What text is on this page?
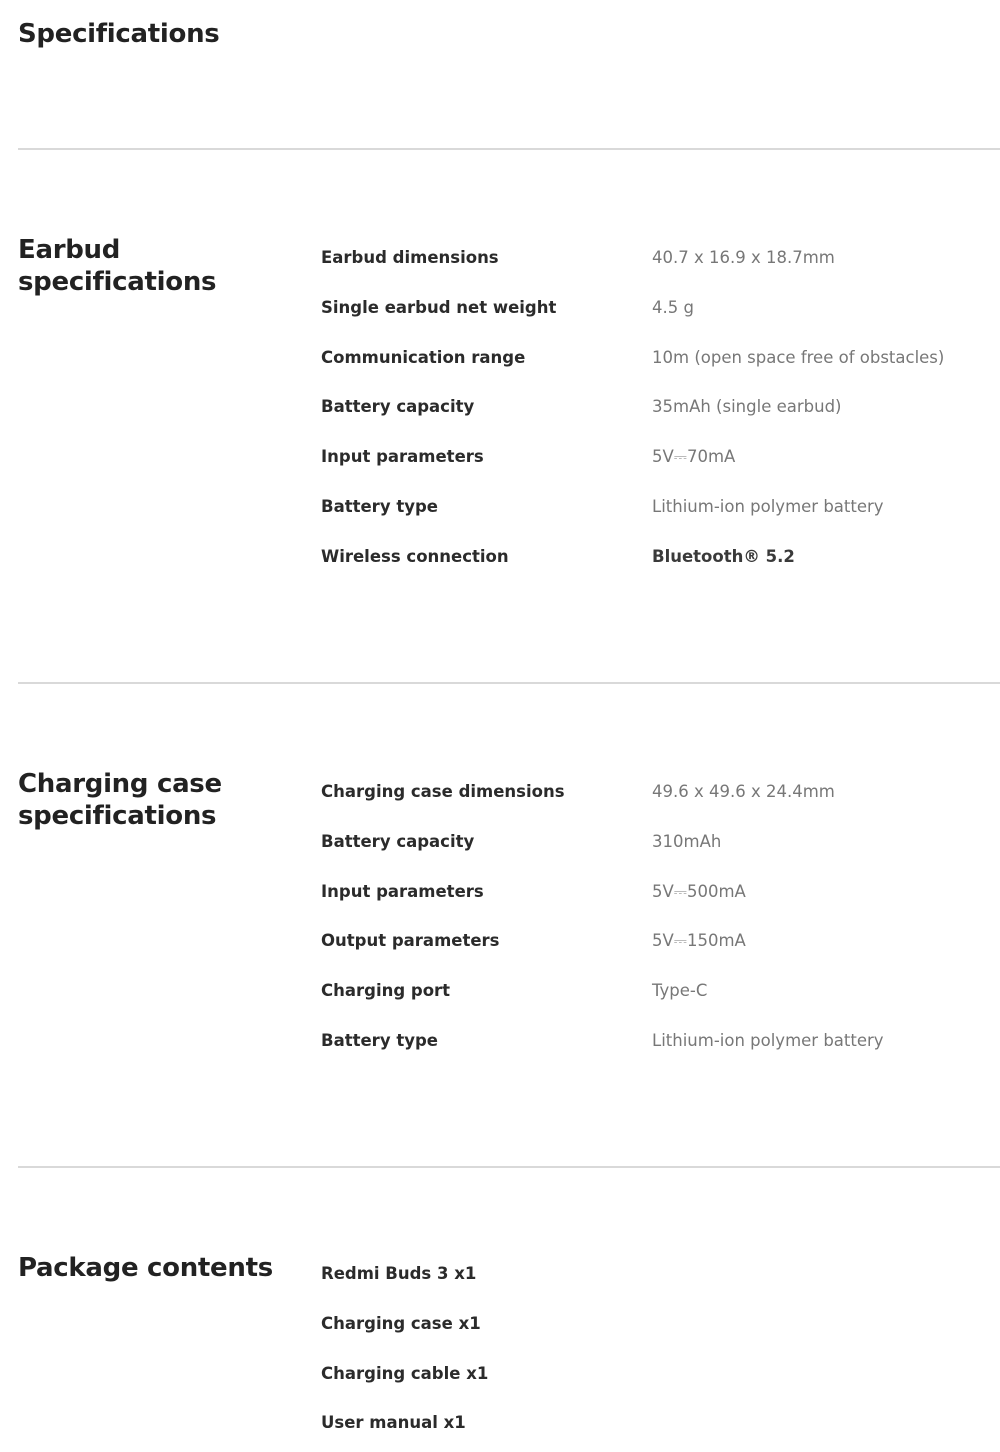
Specifications
Earbud specifications
Earbud dimensions	40.7 x 16.9 x 18.7mm
Single earbud net weight	4.5 g
Communication range	10m (open space free of obstacles)
Battery capacity	35mAh (single earbud)
Input parameters	5V⎓70mA
Battery type	Lithium-ion polymer battery
Wireless connection	Bluetooth® 5.2
Charging case specifications
Charging case dimensions	49.6 x 49.6 x 24.4mm
Battery capacity	310mAh
Input parameters	5V⎓500mA
Output parameters	5V⎓150mA
Charging port	Type-C
Battery type	Lithium-ion polymer battery
Package contents	Redmi Buds 3 x1
Charging case x1
Charging cable x1
User manual x1
